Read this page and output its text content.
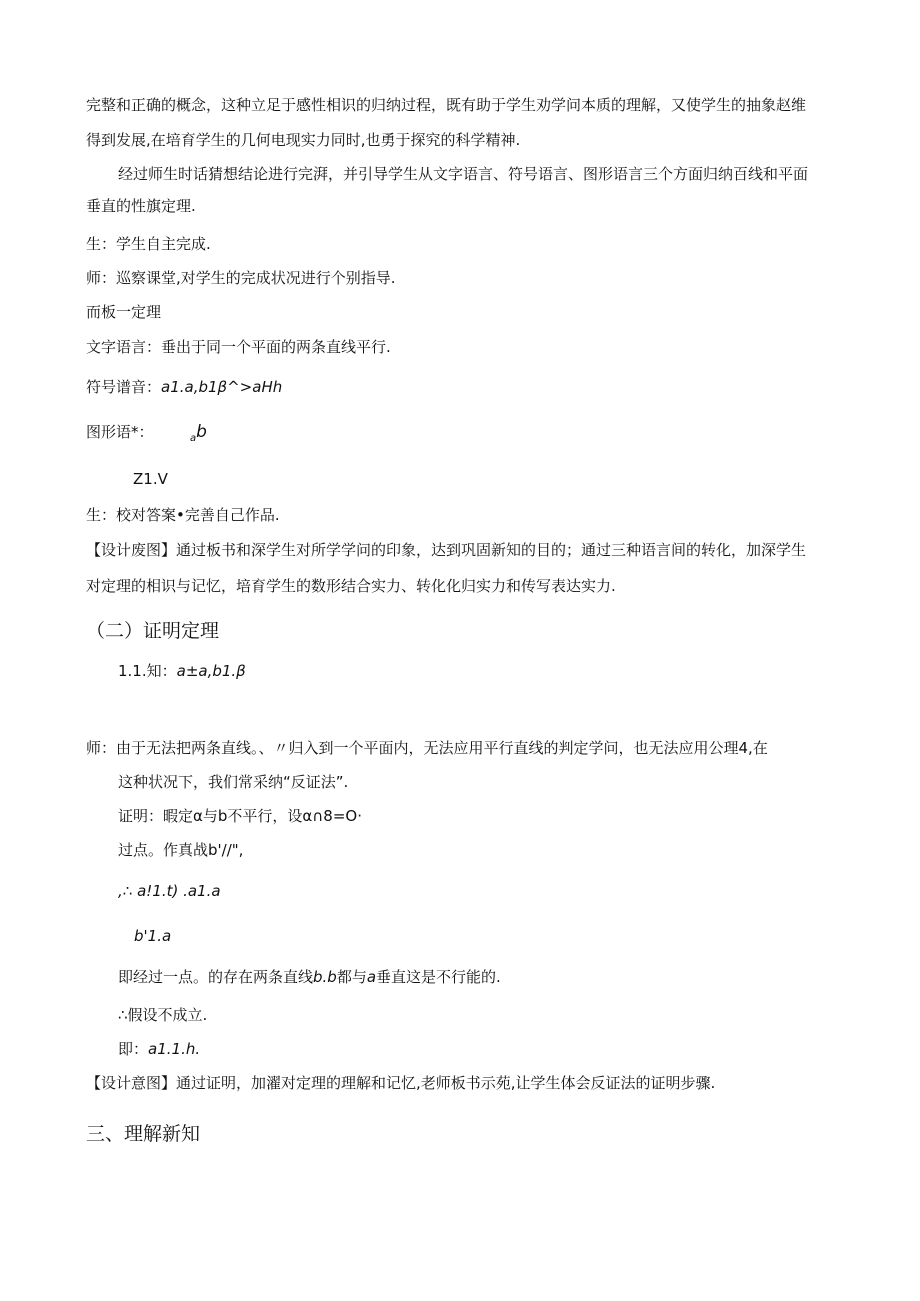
完整和正确的概念，这种立足于感性相识的归纳过程，既有助于学生劝学问本质的理解，又使学生的抽象赵维
得到发展,在培育学生的几何电现实力同时,也勇于探究的科学精神.
经过师生时话猜想结论进行完湃，并引导学生从文字语言、符号语言、图形语言三个方面归纳百线和平面
垂直的性旗定理.
生：学生自主完成.
师：巡察课堂,对学生的完成状况进行个别指导.
而板一定理
文字语言：垂出于同一个平面的两条直线平行.
符号谱音：a1.a,b1β^>aHh
图形语*：	$_a$b
Z1.V
生：校对答案•完善自己作品.
【设计废图】通过板书和深学生对所学学问的印象，达到巩固新知的目的；通过三种语言间的转化，加深学生
对定理的相识与记忆，培育学生的数形结合实力、转化化归实力和传写表达实力.
（二）证明定理
1.1.知：a±a,b1.β
师：由于无法把两条直线。、〃归入到一个平面内，无法应用平行直线的判定学问，也无法应用公理4,在
这种状况下，我们常采纳“反证法”.
证明：暇定α与b不平行，设α∩8=O·
过点。作真战b'//",
,∴ a!1.t) .a1.a
b'1.a
即经过一点。的存在两条直线b.b都与a垂直这是不行能的.
∴假设不成立.
即：a1.1.h.
【设计意图】通过证明，加濯对定理的理解和记忆,老师板书示苑,让学生体会反证法的证明步骤.
三、理解新知
